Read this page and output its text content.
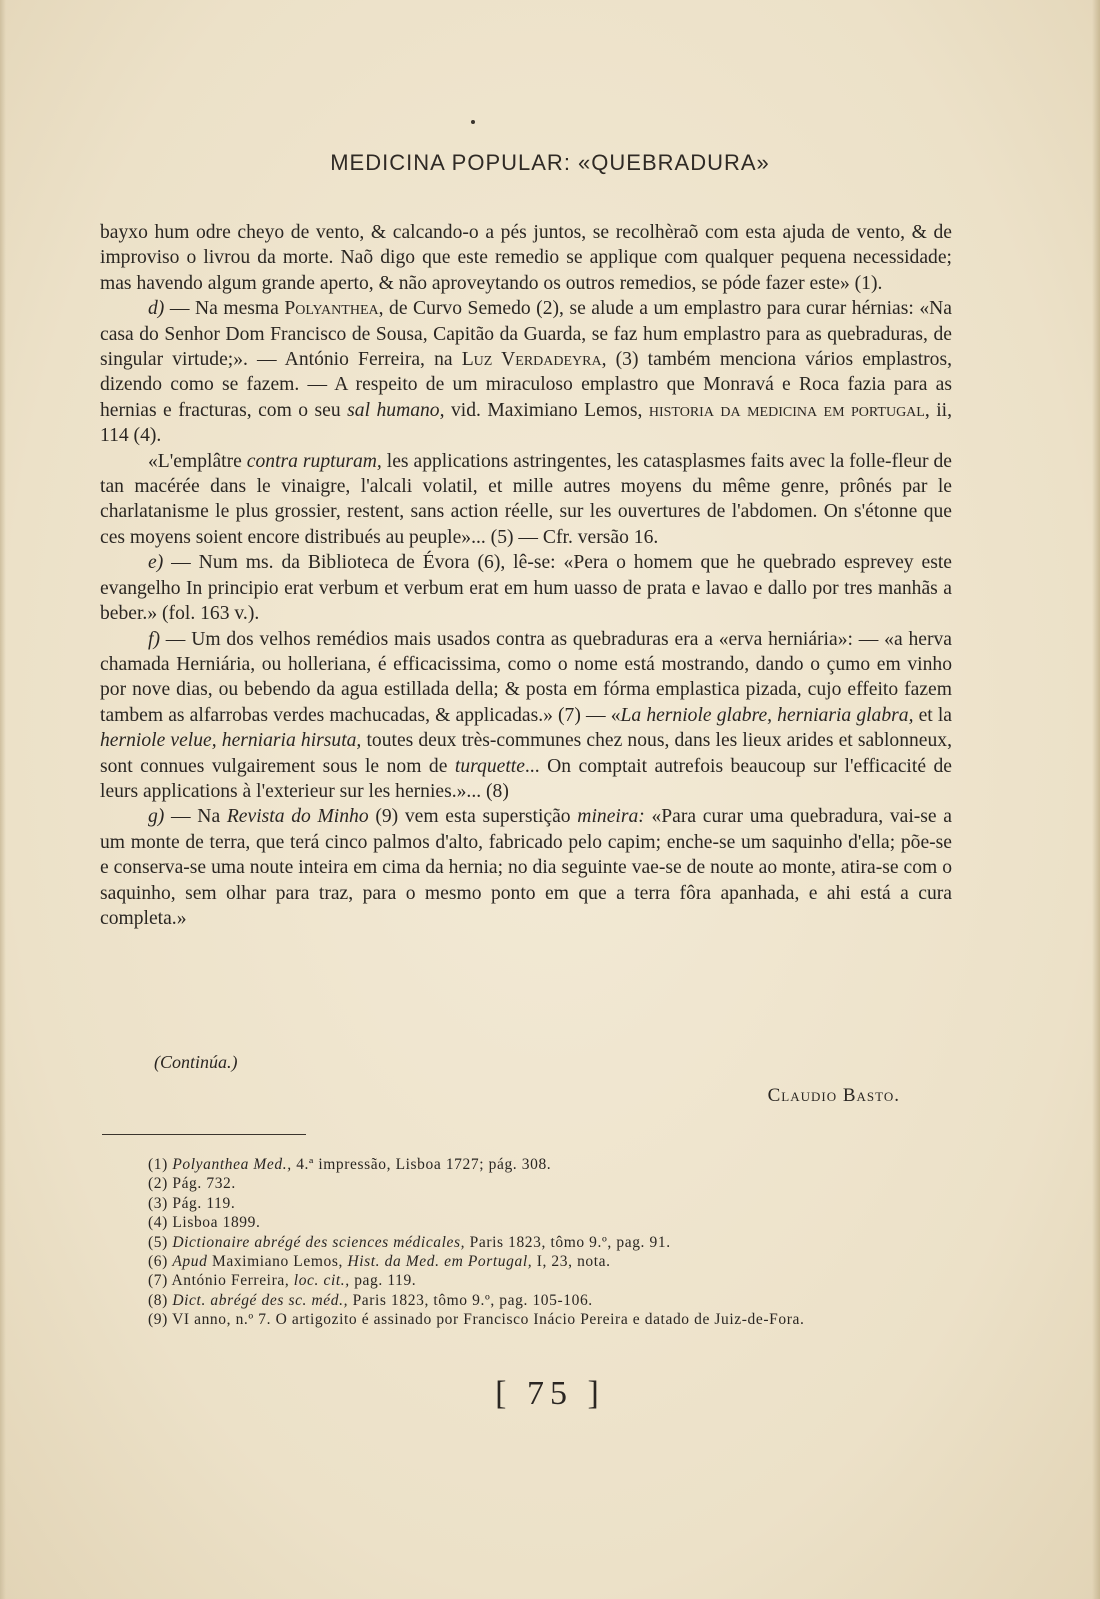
MEDICINA POPULAR: «QUEBRADURA»

bayxo hum odre cheyo de vento, & calcando-o a pés juntos, se recolhèraõ com esta ajuda de vento, & de improviso o livrou da morte. Naõ digo que este remedio se applique com qualquer pequena necessidade; mas havendo algum grande aperto, & não aproveytando os outros remedios, se póde fazer este» (1).

d) — Na mesma Polyanthea, de Curvo Semedo (2), se alude a um emplastro para curar hérnias: «Na casa do Senhor Dom Francisco de Sousa, Capitão da Guarda, se faz hum emplastro para as quebraduras, de singular virtude;». — António Ferreira, na Luz Verdadeyra, (3) também menciona vários emplastros, dizendo como se fazem. — A respeito de um miraculoso emplastro que Monravá e Roca fazia para as hernias e fracturas, com o seu sal humano, vid. Maximiano Lemos, historia da medicina em portugal, ii, 114 (4).

«L'emplâtre contra rupturam, les applications astringentes, les catasplasmes faits avec la folle-fleur de tan macérée dans le vinaigre, l'alcali volatil, et mille autres moyens du même genre, prônés par le charlatanisme le plus grossier, restent, sans action réelle, sur les ouvertures de l'abdomen. On s'étonne que ces moyens soient encore distribués au peuple»... (5) — Cfr. versão 16.

e) — Num ms. da Biblioteca de Évora (6), lê-se: «Pera o homem que he quebrado esprevey este evangelho In principio erat verbum et verbum erat em hum uasso de prata e lavao e dallo por tres manhãs a beber.» (fol. 163 v.).

f) — Um dos velhos remédios mais usados contra as quebraduras era a «erva herniária»: — «a herva chamada Herniária, ou holleriana, é efficacissima, como o nome está mostrando, dando o çumo em vinho por nove dias, ou bebendo da agua estillada della; & posta em fórma emplastica pizada, cujo effeito fazem tambem as alfarrobas verdes machucadas, & applicadas.» (7) — «La herniole glabre, herniaria glabra, et la herniole velue, herniaria hirsuta, toutes deux très-communes chez nous, dans les lieux arides et sablonneux, sont connues vulgairement sous le nom de turquette... On comptait autrefois beaucoup sur l'efficacité de leurs applications à l'exterieur sur les hernies.»... (8)

g) — Na Revista do Minho (9) vem esta superstição mineira: «Para curar uma quebradura, vai-se a um monte de terra, que terá cinco palmos d'alto, fabricado pelo capim; enche-se um saquinho d'ella; põe-se e conserva-se uma noute inteira em cima da hernia; no dia seguinte vae-se de noute ao monte, atira-se com o saquinho, sem olhar para traz, para o mesmo ponto em que a terra fôra apanhada, e ahi está a cura completa.»

(Continúa.)
Claudio Basto.
(1) Polyanthea Med., 4.ª impressão, Lisboa 1727; pág. 308.
(2) Pág. 732.
(3) Pág. 119.
(4) Lisboa 1899.
(5) Dictionaire abrégé des sciences médicales, Paris 1823, tômo 9.º, pag. 91.
(6) Apud Maximiano Lemos, Hist. da Med. em Portugal, I, 23, nota.
(7) António Ferreira, loc. cit., pag. 119.
(8) Dict. abrégé des sc. méd., Paris 1823, tômo 9.º, pag. 105-106.
(9) VI anno, n.º 7. O artigozito é assinado por Francisco Inácio Pereira e datado de Juiz-de-Fora.
[ 75 ]
